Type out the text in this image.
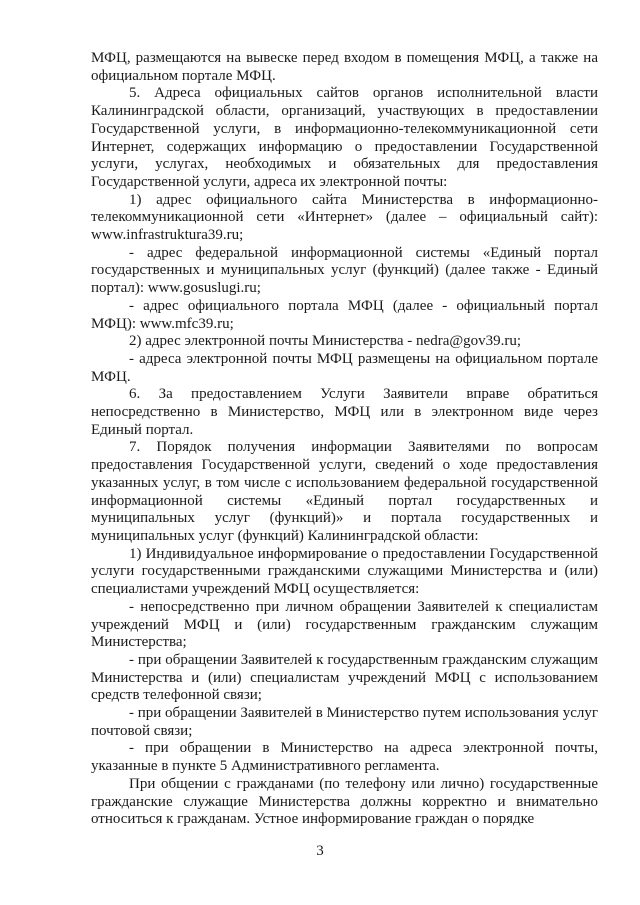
МФЦ, размещаются на вывеске перед входом в помещения МФЦ, а также на официальном портале МФЦ.

5. Адреса официальных сайтов органов исполнительной власти Калининградской области, организаций, участвующих в предоставлении Государственной услуги, в информационно-телекоммуникационной сети Интернет, содержащих информацию о предоставлении Государственной услуги, услугах, необходимых и обязательных для предоставления Государственной услуги, адреса их электронной почты:

1) адрес официального сайта Министерства в информационно-телекоммуникационной сети «Интернет» (далее – официальный сайт): www.infrastruktura39.ru;

- адрес федеральной информационной системы «Единый портал государственных и муниципальных услуг (функций) (далее также - Единый портал): www.gosuslugi.ru;

- адрес официального портала МФЦ (далее - официальный портал МФЦ): www.mfc39.ru;

2) адрес электронной почты Министерства - nedra@gov39.ru;

- адреса электронной почты МФЦ размещены на официальном портале МФЦ.

6. За предоставлением Услуги Заявители вправе обратиться непосредственно в Министерство, МФЦ или в электронном виде через Единый портал.

7. Порядок получения информации Заявителями по вопросам предоставления Государственной услуги, сведений о ходе предоставления указанных услуг, в том числе с использованием федеральной государственной информационной системы «Единый портал государственных и муниципальных услуг (функций)» и портала государственных и муниципальных услуг (функций) Калининградской области:

1) Индивидуальное информирование о предоставлении Государственной услуги государственными гражданскими служащими Министерства и (или) специалистами учреждений МФЦ осуществляется:

- непосредственно при личном обращении Заявителей к специалистам учреждений МФЦ и (или) государственным гражданским служащим Министерства;

- при обращении Заявителей к государственным гражданским служащим Министерства и (или) специалистам учреждений МФЦ с использованием средств телефонной связи;

- при обращении Заявителей в Министерство путем использования услуг почтовой связи;

- при обращении в Министерство на адреса электронной почты, указанные в пункте 5 Административного регламента.

При общении с гражданами (по телефону или лично) государственные гражданские служащие Министерства должны корректно и внимательно относиться к гражданам. Устное информирование граждан о порядке

3
